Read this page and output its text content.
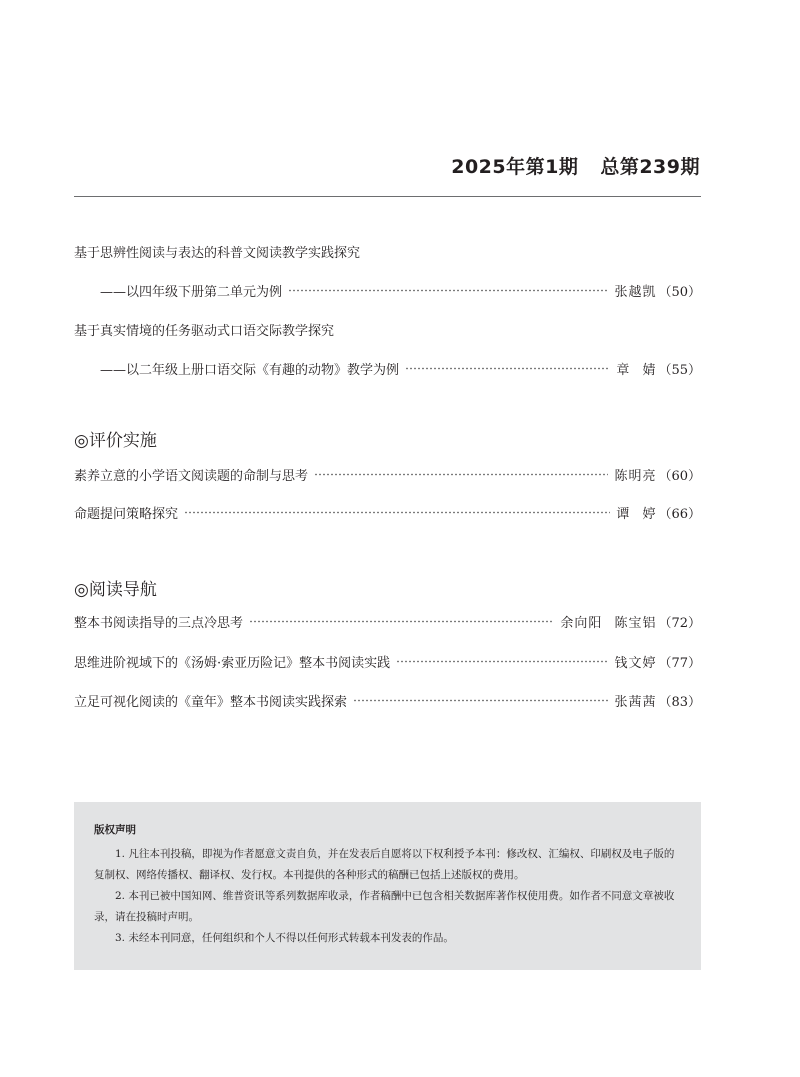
2025年第1期 总第239期
基于思辨性阅读与表达的科普文阅读教学实践探究
——以四年级下册第二单元为例	张越凯 （50）
基于真实情境的任务驱动式口语交际教学探究
——以二年级上册口语交际《有趣的动物》教学为例	章 婧 （55）
◎评价实施
素养立意的小学语文阅读题的命制与思考	陈明亮 （60）
命题提问策略探究	谭 婷 （66）
◎阅读导航
整本书阅读指导的三点冷思考	余向阳 陈宝铝 （72）
思维进阶视域下的《汤姆·索亚历险记》整本书阅读实践	钱文婷 （77）
立足可视化阅读的《童年》整本书阅读实践探索	张茜茜 （83）
版权声明

1. 凡往本刊投稿，即视为作者愿意文责自负，并在发表后自愿将以下权利授予本刊：修改权、汇编权、印刷权及电子版的复制权、网络传播权、翻译权、发行权。本刊提供的各种形式的稿酬已包括上述版权的费用。

2. 本刊已被中国知网、维普资讯等系列数据库收录，作者稿酬中已包含相关数据库著作权使用费。如作者不同意文章被收录，请在投稿时声明。

3. 未经本刊同意，任何组织和个人不得以任何形式转载本刊发表的作品。
